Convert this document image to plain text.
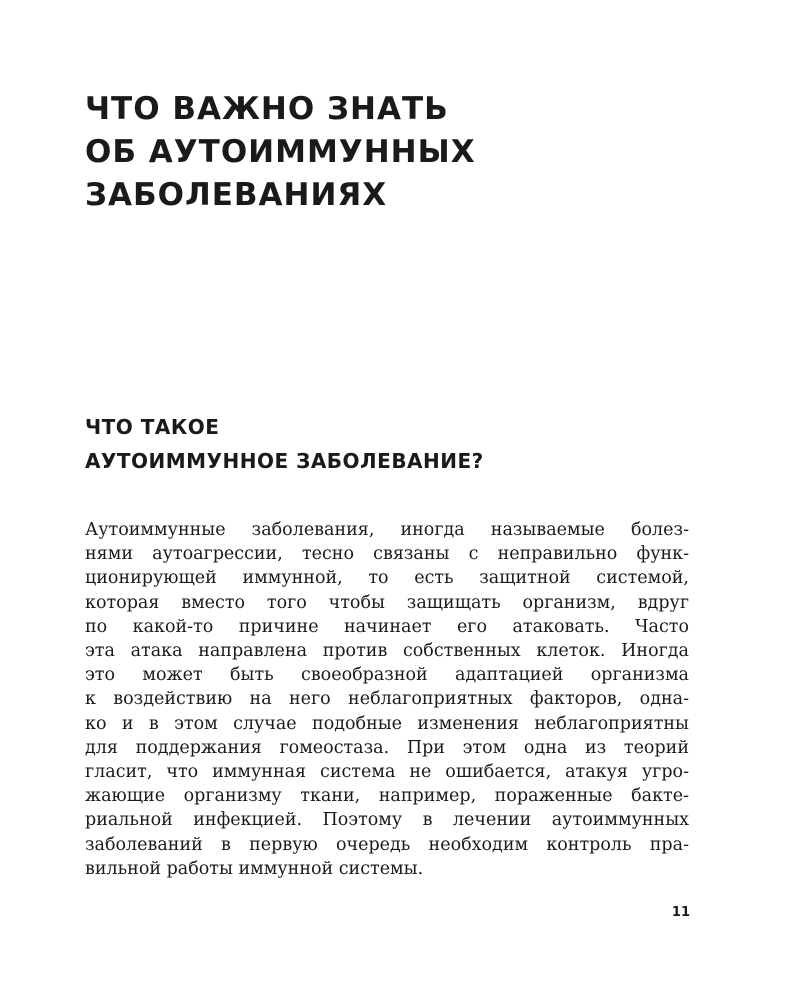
ЧТО ВАЖНО ЗНАТЬ
ОБ АУТОИММУННЫХ
ЗАБОЛЕВАНИЯХ
ЧТО ТАКОЕ
АУТОИММУННОЕ ЗАБОЛЕВАНИЕ?
Аутоиммунные заболевания, иногда называемые болез-
нями аутоагрессии, тесно связаны с неправильно функ-
ционирующей иммунной, то есть защитной системой,
которая вместо того чтобы защищать организм, вдруг
по какой-то причине начинает его атаковать. Часто
эта атака направлена против собственных клеток. Иногда
это может быть своеобразной адаптацией организма
к воздействию на него неблагоприятных факторов, одна-
ко и в этом случае подобные изменения неблагоприятны
для поддержания гомеостаза. При этом одна из теорий
гласит, что иммунная система не ошибается, атакуя угро-
жающие организму ткани, например, пораженные бакте-
риальной инфекцией. Поэтому в лечении аутоиммунных
заболеваний в первую очередь необходим контроль пра-
вильной работы иммунной системы.
11
